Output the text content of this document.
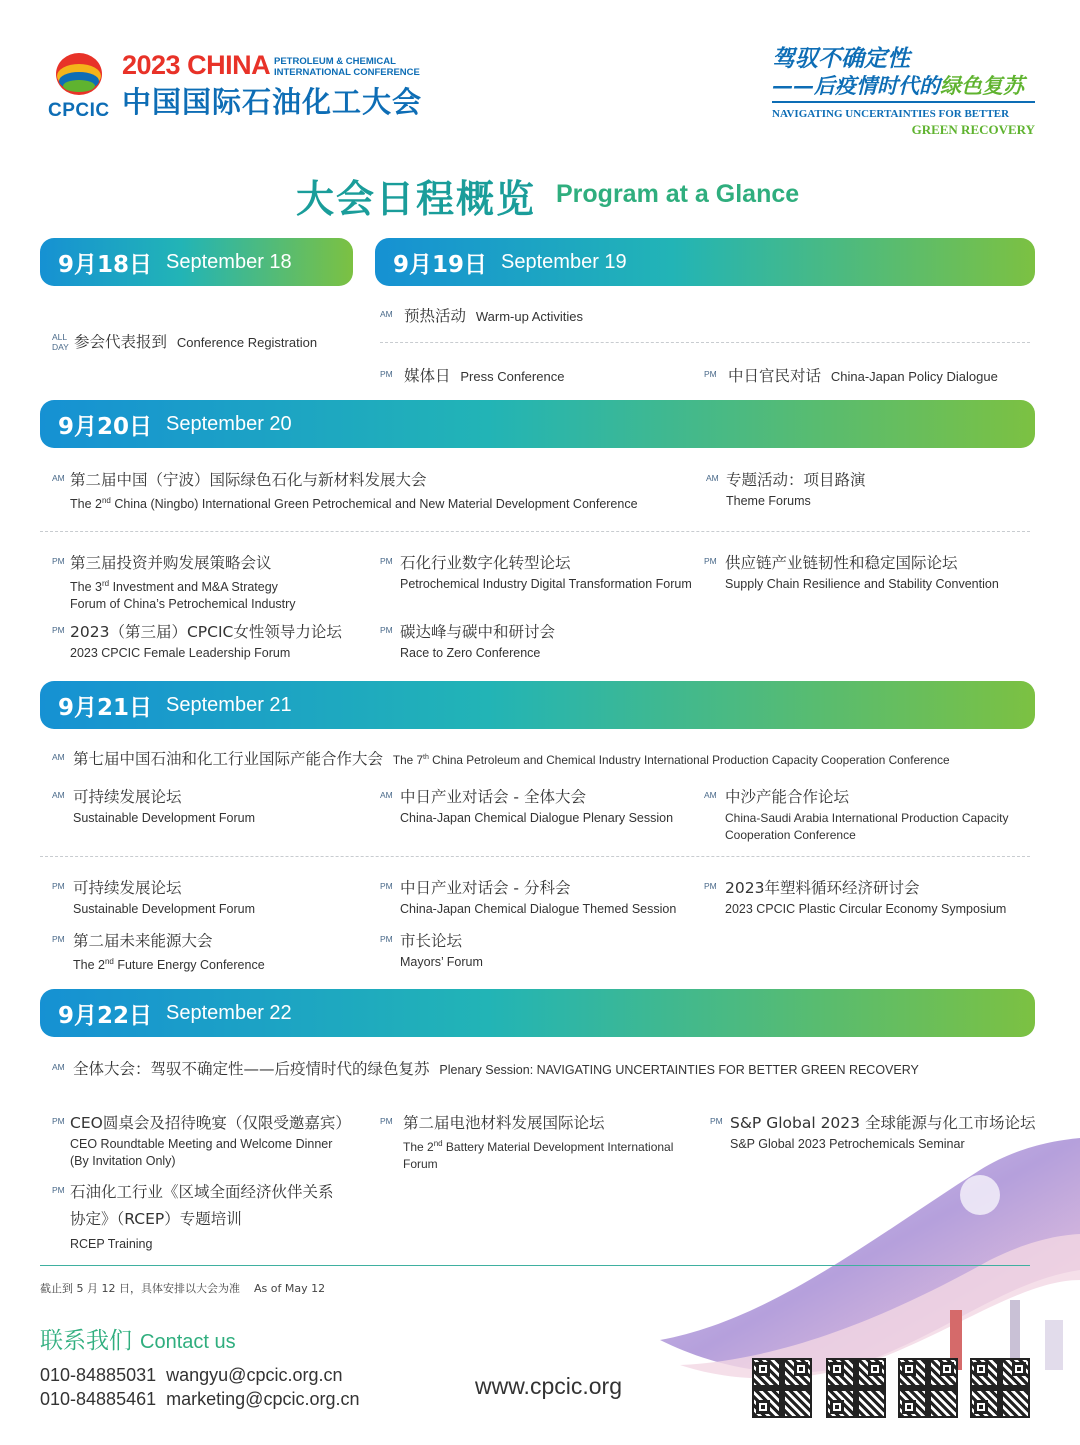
CPCIC
2023 CHINA PETROLEUM & CHEMICAL
INTERNATIONAL CONFERENCE
中国国际石油化工大会
驾驭不确定性
——后疫情时代的绿色复苏
NAVIGATING UNCERTAINTIES FOR BETTER
GREEN RECOVERY
大会日程概览 Program at a Glance
9月18日 September 18	9月19日 September 19
ALL
DAY 参会代表报到 Conference Registration
AM 预热活动 Warm-up Activities
PM 媒体日 Press Conference	PM 中日官民对话 China-Japan Policy Dialogue
9月20日 September 20
AM 第二届中国（宁波）国际绿色石化与新材料发展大会
The 2nd China (Ningbo) International Green Petrochemical and New Material Development Conference
AM 专题活动：项目路演
Theme Forums
PM 第三届投资并购发展策略会议
The 3rd Investment and M&A Strategy
Forum of China’s Petrochemical Industry
PM 石化行业数字化转型论坛
Petrochemical Industry Digital Transformation Forum
PM 供应链产业链韧性和稳定国际论坛
Supply Chain Resilience and Stability Convention
PM 2023（第三届）CPCIC女性领导力论坛
2023 CPCIC Female Leadership Forum
PM 碳达峰与碳中和研讨会
Race to Zero Conference
9月21日 September 21
AM 第七届中国石油和化工行业国际产能合作大会 The 7th China Petroleum and Chemical Industry International Production Capacity Cooperation Conference
AM 可持续发展论坛
Sustainable Development Forum
AM 中日产业对话会 - 全体大会
China-Japan Chemical Dialogue Plenary Session
AM 中沙产能合作论坛
China-Saudi Arabia International Production Capacity
Cooperation Conference
PM 可持续发展论坛
Sustainable Development Forum
PM 中日产业对话会 - 分科会
China-Japan Chemical Dialogue Themed Session
PM 2023年塑料循环经济研讨会
2023 CPCIC Plastic Circular Economy Symposium
PM 第二届未来能源大会
The 2nd Future Energy Conference
PM 市长论坛
Mayors’ Forum
9月22日 September 22
AM 全体大会：驾驭不确定性——后疫情时代的绿色复苏 Plenary Session: NAVIGATING UNCERTAINTIES FOR BETTER GREEN RECOVERY
PM CEO圆桌会及招待晚宴（仅限受邀嘉宾）
CEO Roundtable Meeting and Welcome Dinner
(By Invitation Only)
PM 第二届电池材料发展国际论坛
The 2nd Battery Material Development International
Forum
PM S&P Global 2023 全球能源与化工市场论坛
S&P Global 2023 Petrochemicals Seminar
PM 石油化工行业《区域全面经济伙伴关系
协定》（RCEP）专题培训
RCEP Training
截止到 5 月 12 日，具体安排以大会为准 As of May 12
联系我们 Contact us
010-84885031 wangyu@cpcic.org.cn
010-84885461 marketing@cpcic.org.cn	www.cpcic.org
